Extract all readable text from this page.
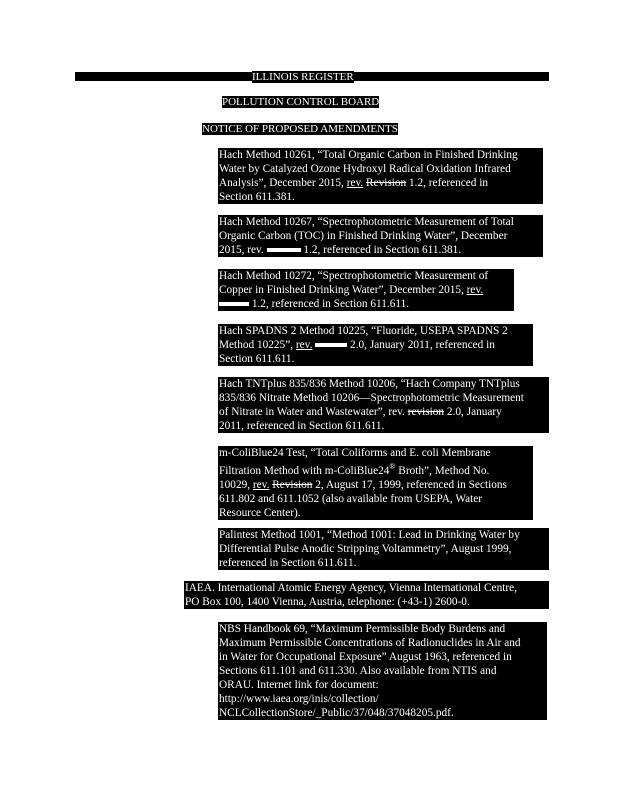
ILLINOIS REGISTER
POLLUTION CONTROL BOARD
NOTICE OF PROPOSED AMENDMENTS
Hach Method 10261, “Total Organic Carbon in Finished Drinking
Water by Catalyzed Ozone Hydroxyl Radical Oxidation Infrared
Analysis”, December 2015, rev. Revision 1.2, referenced in
Section 611.381.
Hach Method 10267, “Spectrophotometric Measurement of Total
Organic Carbon (TOC) in Finished Drinking Water”, December
2015, rev.	1.2, referenced in Section 611.381.
Hach Method 10272, “Spectrophotometric Measurement of
Copper in Finished Drinking Water”, December 2015, rev.
1.2, referenced in Section 611.611.
Hach SPADNS 2 Method 10225, “Fluoride, USEPA SPADNS 2
Method 10225”, rev.	2.0, January 2011, referenced in
Section 611.611.
Hach TNTplus 835/836 Method 10206, “Hach Company TNTplus
835/836 Nitrate Method 10206—Spectrophotometric Measurement
of Nitrate in Water and Wastewater”, rev. revision 2.0, January
2011, referenced in Section 611.611.
m-ColiBlue24 Test, “Total Coliforms and E. coli Membrane
Filtration Method with m-ColiBlue24® Broth”, Method No.
10029, rev. Revision 2, August 17, 1999, referenced in Sections
611.802 and 611.1052 (also available from USEPA, Water
Resource Center).
Palintest Method 1001, “Method 1001: Lead in Drinking Water by
Differential Pulse Anodic Stripping Voltammetry”, August 1999,
referenced in Section 611.611.
IAEA. International Atomic Energy Agency, Vienna International Centre,
PO Box 100, 1400 Vienna, Austria, telephone: (+43-1) 2600-0.
NBS Handbook 69, “Maximum Permissible Body Burdens and
Maximum Permissible Concentrations of Radionuclides in Air and
in Water for Occupational Exposure” August 1963, referenced in
Sections 611.101 and 611.330. Also available from NTIS and
ORAU. Internet link for document:
http://www.iaea.org/inis/collection/
NCLCollectionStore/_Public/37/048/37048205.pdf.
